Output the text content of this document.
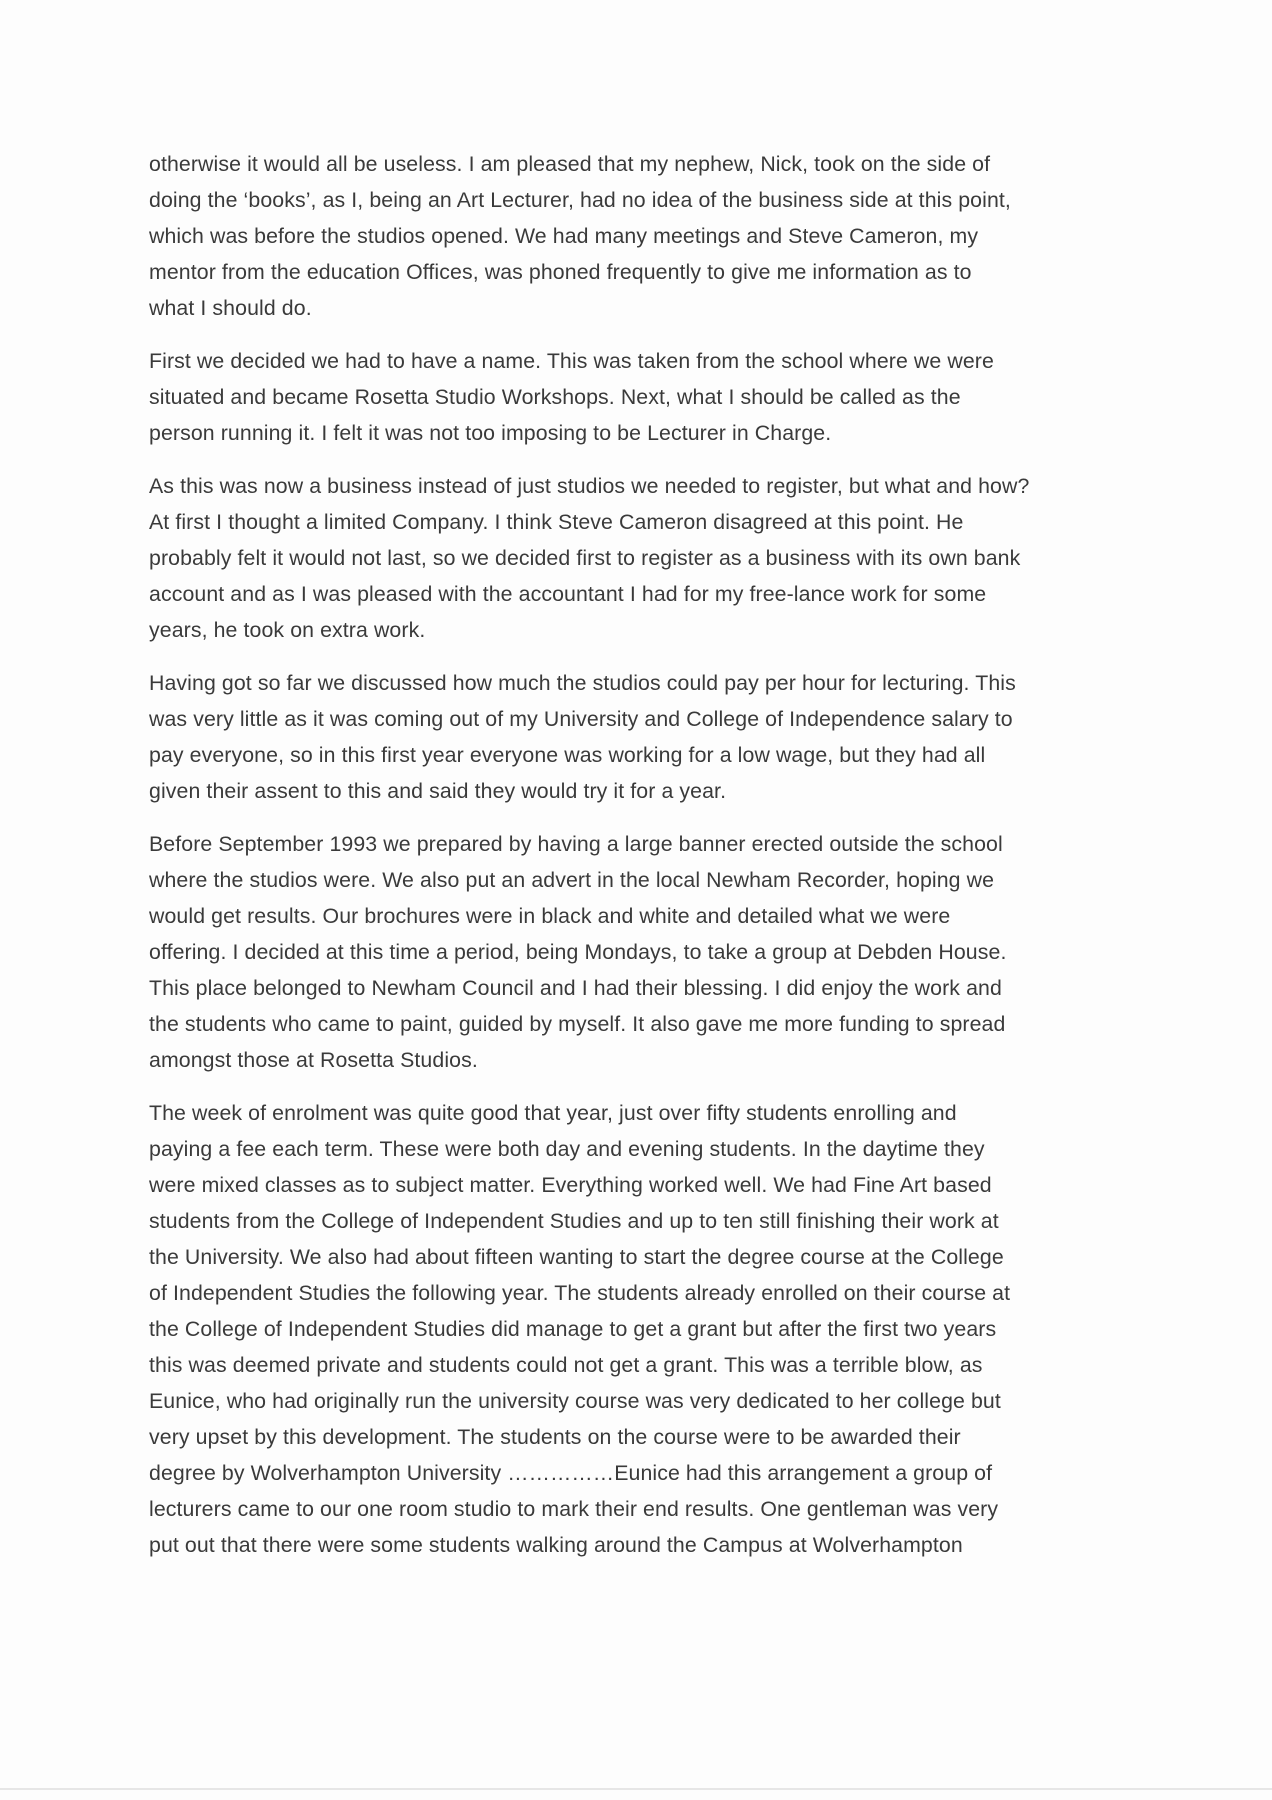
otherwise it would all be useless. I am pleased that my nephew, Nick, took on the side of
doing the ‘books’, as I, being an Art Lecturer, had no idea of the business side at this point,
which was before the studios opened. We had many meetings and Steve Cameron, my
mentor from the education Offices, was phoned frequently to give me information as to
what I should do.

First we decided we had to have a name. This was taken from the school where we were
situated and became Rosetta Studio Workshops. Next, what I should be called as the
person running it. I felt it was not too imposing to be Lecturer in Charge.

As this was now a business instead of just studios we needed to register, but what and how?
At first I thought a limited Company. I think Steve Cameron disagreed at this point. He
probably felt it would not last, so we decided first to register as a business with its own bank
account and as I was pleased with the accountant I had for my free-lance work for some
years, he took on extra work.

Having got so far we discussed how much the studios could pay per hour for lecturing. This
was very little as it was coming out of my University and College of Independence salary to
pay everyone, so in this first year everyone was working for a low wage, but they had all
given their assent to this and said they would try it for a year.

Before September 1993 we prepared by having a large banner erected outside the school
where the studios were. We also put an advert in the local Newham Recorder, hoping we
would get results. Our brochures were in black and white and detailed what we were
offering. I decided at this time a period, being Mondays, to take a group at Debden House.
This place belonged to Newham Council and I had their blessing. I did enjoy the work and
the students who came to paint, guided by myself. It also gave me more funding to spread
amongst those at Rosetta Studios.

The week of enrolment was quite good that year, just over fifty students enrolling and
paying a fee each term. These were both day and evening students. In the daytime they
were mixed classes as to subject matter. Everything worked well. We had Fine Art based
students from the College of Independent Studies and up to ten still finishing their work at
the University. We also had about fifteen wanting to start the degree course at the College
of Independent Studies the following year. The students already enrolled on their course at
the College of Independent Studies did manage to get a grant but after the first two years
this was deemed private and students could not get a grant. This was a terrible blow, as
Eunice, who had originally run the university course was very dedicated to her college but
very upset by this development. The students on the course were to be awarded their
degree by Wolverhampton University ……………Eunice had this arrangement a group of
lecturers came to our one room studio to mark their end results. One gentleman was very
put out that there were some students walking around the Campus at Wolverhampton
